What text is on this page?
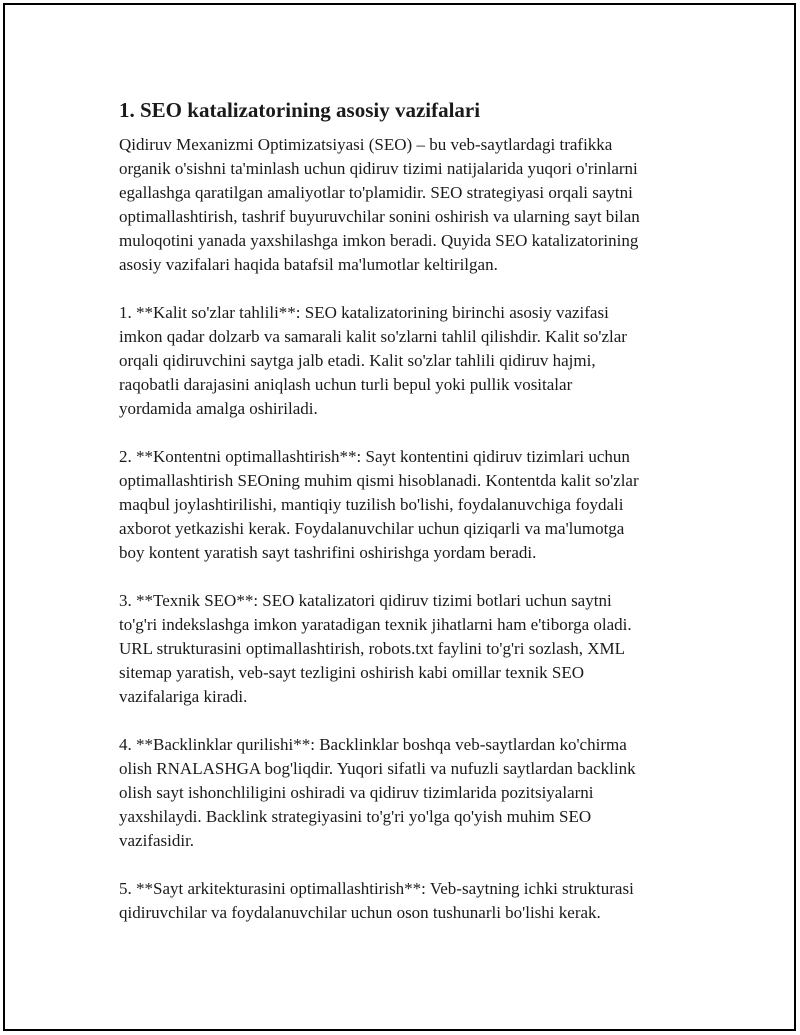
1. SEO katalizatorining asosiy vazifalari

Qidiruv Mexanizmi Optimizatsiyasi (SEO) – bu veb-saytlardagi trafikka
organik o'sishni ta'minlash uchun qidiruv tizimi natijalarida yuqori o'rinlarni
egallashga qaratilgan amaliyotlar to'plamidir. SEO strategiyasi orqali saytni
optimallashtirish, tashrif buyuruvchilar sonini oshirish va ularning sayt bilan
muloqotini yanada yaxshilashga imkon beradi. Quyida SEO katalizatorining
asosiy vazifalari haqida batafsil ma'lumotlar keltirilgan.

1. **Kalit so'zlar tahlili**: SEO katalizatorining birinchi asosiy vazifasi
imkon qadar dolzarb va samarali kalit so'zlarni tahlil qilishdir. Kalit so'zlar
orqali qidiruvchini saytga jalb etadi. Kalit so'zlar tahlili qidiruv hajmi,
raqobatli darajasini aniqlash uchun turli bepul yoki pullik vositalar
yordamida amalga oshiriladi.

2. **Kontentni optimallashtirish**: Sayt kontentini qidiruv tizimlari uchun
optimallashtirish SEOning muhim qismi hisoblanadi. Kontentda kalit so'zlar
maqbul joylashtirilishi, mantiqiy tuzilish bo'lishi, foydalanuvchiga foydali
axborot yetkazishi kerak. Foydalanuvchilar uchun qiziqarli va ma'lumotga
boy kontent yaratish sayt tashrifini oshirishga yordam beradi.

3. **Texnik SEO**: SEO katalizatori qidiruv tizimi botlari uchun saytni
to'g'ri indekslashga imkon yaratadigan texnik jihatlarni ham e'tiborga oladi.
URL strukturasini optimallashtirish, robots.txt faylini to'g'ri sozlash, XML
sitemap yaratish, veb-sayt tezligini oshirish kabi omillar texnik SEO
vazifalariga kiradi.

4. **Backlinklar qurilishi**: Backlinklar boshqa veb-saytlardan ko'chirma
olish RNALASHGA bog'liqdir. Yuqori sifatli va nufuzli saytlardan backlink
olish sayt ishonchliligini oshiradi va qidiruv tizimlarida pozitsiyalarni
yaxshilaydi. Backlink strategiyasini to'g'ri yo'lga qo'yish muhim SEO
vazifasidir.

5. **Sayt arkitekturasini optimallashtirish**: Veb-saytning ichki strukturasi
qidiruvchilar va foydalanuvchilar uchun oson tushunarli bo'lishi kerak.
